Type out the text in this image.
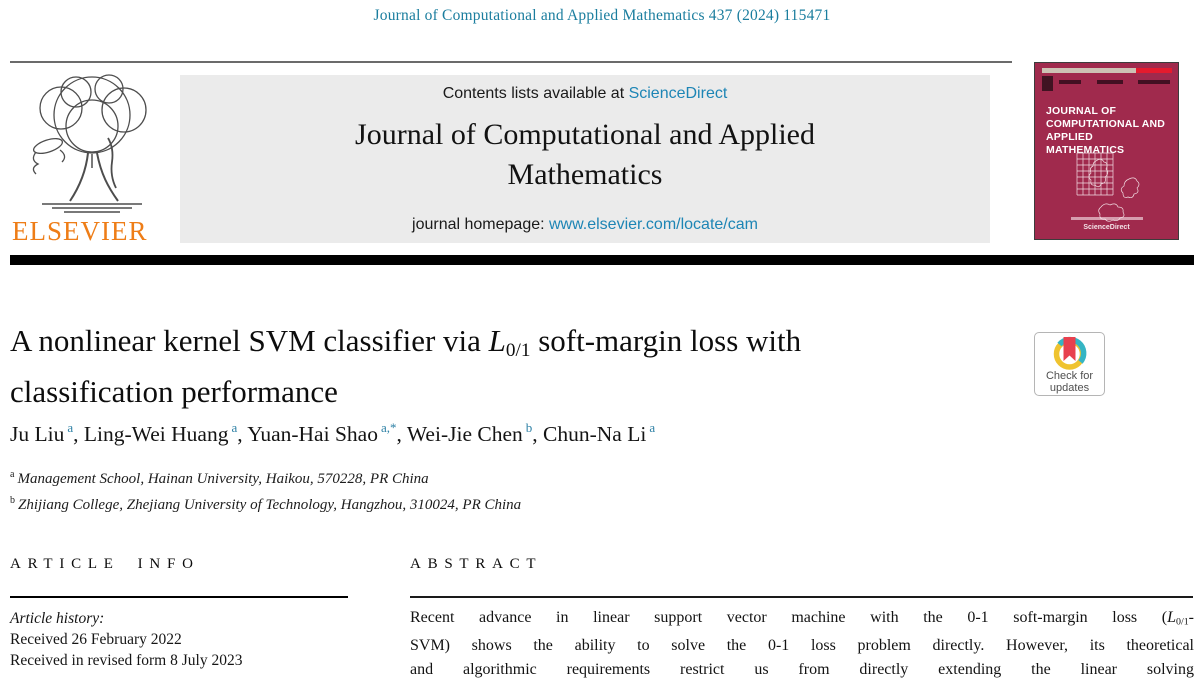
Journal of Computational and Applied Mathematics 437 (2024) 115471
ELSEVIER
Contents lists available at ScienceDirect
Journal of Computational and Applied
Mathematics
journal homepage: www.elsevier.com/locate/cam
JOURNAL OF
COMPUTATIONAL AND
APPLIED MATHEMATICS
ScienceDirect
A nonlinear kernel SVM classifier via $L_{0/1}$ soft-margin loss with
classification performance	Check for
updates
Ju Liu $^a$, Ling-Wei Huang $^a$, Yuan-Hai Shao $^{a,*}$, Wei-Jie Chen $^b$, Chun-Na Li $^a$
$^a$ Management School, Hainan University, Haikou, 570228, PR China
$^b$ Zhijiang College, Zhejiang University of Technology, Hangzhou, 310024, PR China
ARTICLE INFO	ABSTRACT
Article history:
Received 26 February 2022
Received in revised form 8 July 2023
Recent advance in linear support vector machine with the 0-1 soft-margin loss ($L_{0/1}-$
SVM) shows the ability to solve the 0-1 loss problem directly. However, its theoretical
and algorithmic requirements restrict us from directly extending the linear solving
